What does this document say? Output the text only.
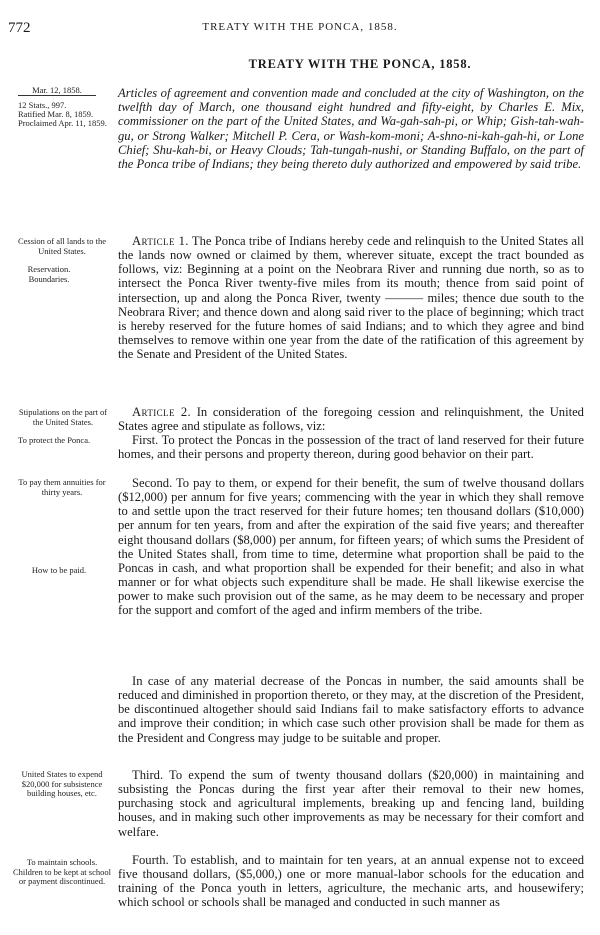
772	TREATY WITH THE PONCA, 1858.
TREATY WITH THE PONCA, 1858.
Mar. 12, 1858.
12 Stats., 997.
Ratified Mar. 8, 1859.
Proclaimed Apr. 11, 1859.
Cession of all lands to the United States.
Reservation. Boundaries.
Stipulations on the part of the United States.
To protect the Ponca.
To pay them annuities for thirty years.
How to be paid.
United States to expend $20,000 for subsistence building houses, etc.
To maintain schools. Children to be kept at school or payment discontinued.
Articles of agreement and convention made and concluded at the city of Washington, on the twelfth day of March, one thousand eight hundred and fifty-eight, by Charles E. Mix, commissioner on the part of the United States, and Wa-gah-sah-pi, or Whip; Gish-tah-wah-gu, or Strong Walker; Mitchell P. Cera, or Wash-kom-moni; A-shno-ni-kah-gah-hi, or Lone Chief; Shu-kah-bi, or Heavy Clouds; Tah-tungah-nushi, or Standing Buffalo, on the part of the Ponca tribe of Indians; they being thereto duly authorized and empowered by said tribe.
Article 1. The Ponca tribe of Indians hereby cede and relinquish to the United States all the lands now owned or claimed by them, wherever situate, except the tract bounded as follows, viz: Beginning at a point on the Neobrara River and running due north, so as to intersect the Ponca River twenty-five miles from its mouth; thence from said point of intersection, up and along the Ponca River, twenty ——— miles; thence due south to the Neobrara River; and thence down and along said river to the place of beginning; which tract is hereby reserved for the future homes of said Indians; and to which they agree and bind themselves to remove within one year from the date of the ratification of this agreement by the Senate and President of the United States.
Article 2. In consideration of the foregoing cession and relinquishment, the United States agree and stipulate as follows, viz:
First. To protect the Poncas in the possession of the tract of land reserved for their future homes, and their persons and property thereon, during good behavior on their part.
Second. To pay to them, or expend for their benefit, the sum of twelve thousand dollars ($12,000) per annum for five years; commencing with the year in which they shall remove to and settle upon the tract reserved for their future homes; ten thousand dollars ($10,000) per annum for ten years, from and after the expiration of the said five years; and thereafter eight thousand dollars ($8,000) per annum, for fifteen years; of which sums the President of the United States shall, from time to time, determine what proportion shall be paid to the Poncas in cash, and what proportion shall be expended for their benefit; and also in what manner or for what objects such expenditure shall be made. He shall likewise exercise the power to make such provision out of the same, as he may deem to be necessary and proper for the support and comfort of the aged and infirm members of the tribe.
In case of any material decrease of the Poncas in number, the said amounts shall be reduced and diminished in proportion thereto, or they may, at the discretion of the President, be discontinued altogether should said Indians fail to make satisfactory efforts to advance and improve their condition; in which case such other provision shall be made for them as the President and Congress may judge to be suitable and proper.
Third. To expend the sum of twenty thousand dollars ($20,000) in maintaining and subsisting the Poncas during the first year after their removal to their new homes, purchasing stock and agricultural implements, breaking up and fencing land, building houses, and in making such other improvements as may be necessary for their comfort and welfare.
Fourth. To establish, and to maintain for ten years, at an annual expense not to exceed five thousand dollars, ($5,000,) one or more manual-labor schools for the education and training of the Ponca youth in letters, agriculture, the mechanic arts, and housewifery; which school or schools shall be managed and conducted in such manner as
